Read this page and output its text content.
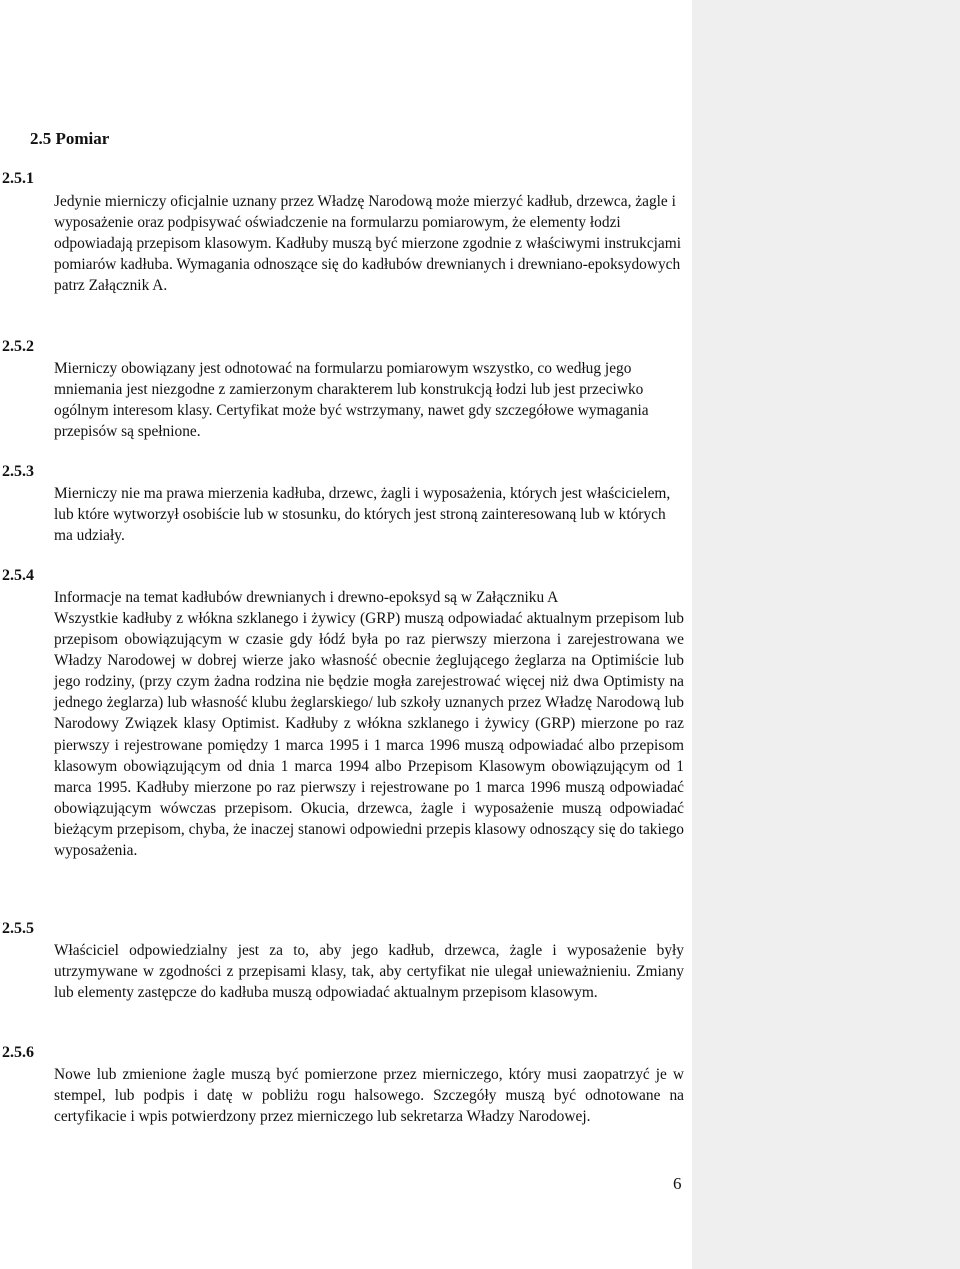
2.5 Pomiar
2.5.1

Jedynie mierniczy oficjalnie uznany przez Władzę Narodową może mierzyć kadłub, drzewca, żagle i wyposażenie oraz podpisywać oświadczenie na formularzu pomiarowym, że elementy łodzi odpowiadają przepisom klasowym. Kadłuby muszą być mierzone zgodnie z właściwymi instrukcjami pomiarów kadłuba. Wymagania odnoszące się do kadłubów drewnianych i drewniano-epoksydowych patrz Załącznik A.

2.5.2

Mierniczy obowiązany jest odnotować na formularzu pomiarowym wszystko, co według jego mniemania jest niezgodne z zamierzonym charakterem lub konstrukcją łodzi lub jest przeciwko ogólnym interesom klasy. Certyfikat może być wstrzymany, nawet gdy szczegółowe wymagania przepisów są spełnione.

2.5.3

Mierniczy nie ma prawa mierzenia kadłuba, drzewc, żagli i wyposażenia, których jest właścicielem, lub które wytworzył osobiście lub w stosunku, do których jest stroną zainteresowaną lub w których ma udziały.

2.5.4

Informacje na temat kadłubów drewnianych i drewno-epoksyd są w Załączniku A

Wszystkie kadłuby z włókna szklanego i żywicy (GRP) muszą odpowiadać aktualnym przepisom lub przepisom obowiązującym w czasie gdy łódź była po raz pierwszy mierzona i zarejestrowana we Władzy Narodowej w dobrej wierze jako własność obecnie żeglującego żeglarza na Optimiście lub jego rodziny, (przy czym żadna rodzina nie będzie mogła zarejestrować więcej niż dwa Optimisty na jednego żeglarza) lub własność klubu żeglarskiego/ lub szkoły uznanych przez Władzę Narodową lub Narodowy Związek klasy Optimist. Kadłuby z włókna szklanego i żywicy (GRP) mierzone po raz pierwszy i rejestrowane pomiędzy 1 marca 1995 i 1 marca 1996 muszą odpowiadać albo przepisom klasowym obowiązującym od dnia 1 marca 1994 albo Przepisom Klasowym obowiązującym od 1 marca 1995. Kadłuby mierzone po raz pierwszy i rejestrowane po 1 marca 1996 muszą odpowiadać obowiązującym wówczas przepisom. Okucia, drzewca, żagle i wyposażenie muszą odpowiadać bieżącym przepisom, chyba, że inaczej stanowi odpowiedni przepis klasowy odnoszący się do takiego wyposażenia.

2.5.5

Właściciel odpowiedzialny jest za to, aby jego kadłub, drzewca, żagle i wyposażenie były utrzymywane w zgodności z przepisami klasy, tak, aby certyfikat nie ulegał unieważnieniu. Zmiany lub elementy zastępcze do kadłuba muszą odpowiadać aktualnym przepisom klasowym.

2.5.6

Nowe lub zmienione żagle muszą być pomierzone przez mierniczego, który musi zaopatrzyć je w stempel, lub podpis i datę w pobliżu rogu halsowego. Szczegóły muszą być odnotowane na certyfikacie i wpis potwierdzony przez mierniczego lub sekretarza Władzy Narodowej.

6
